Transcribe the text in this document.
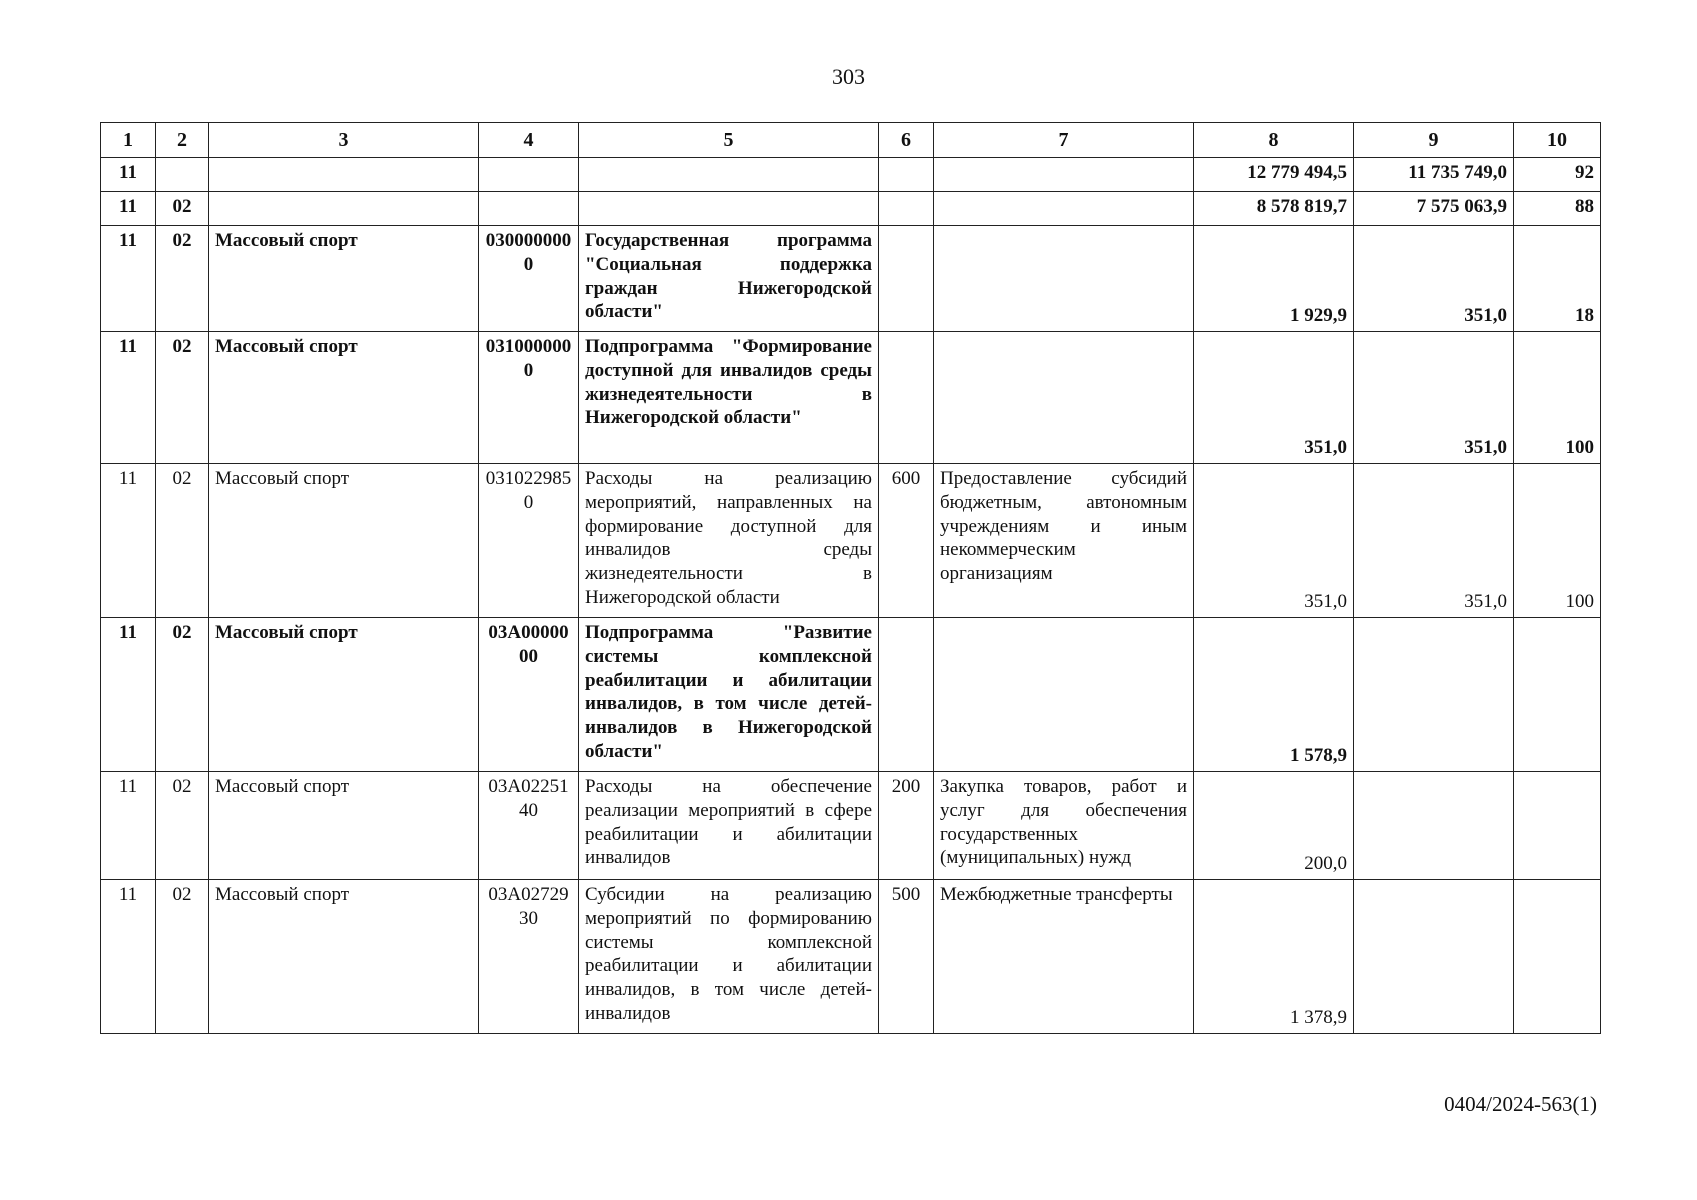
303
1	2	3	4	5	6	7	8	9	10
11							12 779 494,5	11 735 749,0	92
11	02						8 578 819,7	7 575 063,9	88
11	02	Массовый спорт	0300000000	Государственная программа "Социальная поддержка граждан Нижегородской области"			1 929,9	351,0	18
11	02	Массовый спорт	0310000000	Подпрограмма "Формирование доступной для инвалидов среды жизнедеятельности в Нижегородской области"			351,0	351,0	100
11	02	Массовый спорт	0310229850	Расходы на реализацию мероприятий, направленных на формирование доступной для инвалидов среды жизнедеятельности в Нижегородской области	600	Предоставление субсидий бюджетным, автономным учреждениям и иным некоммерческим организациям	351,0	351,0	100
11	02	Массовый спорт	03А0000000	Подпрограмма "Развитие системы комплексной реабилитации и абилитации инвалидов, в том числе детей-инвалидов в Нижегородской области"			1 578,9		
11	02	Массовый спорт	03А0225140	Расходы на обеспечение реализации мероприятий в сфере реабилитации и абилитации инвалидов	200	Закупка товаров, работ и услуг для обеспечения государственных (муниципальных) нужд	200,0		
11	02	Массовый спорт	03А0272930	Субсидии на реализацию мероприятий по формированию системы комплексной реабилитации и абилитации инвалидов, в том числе детей-инвалидов	500	Межбюджетные трансферты	1 378,9		
0404/2024-563(1)
